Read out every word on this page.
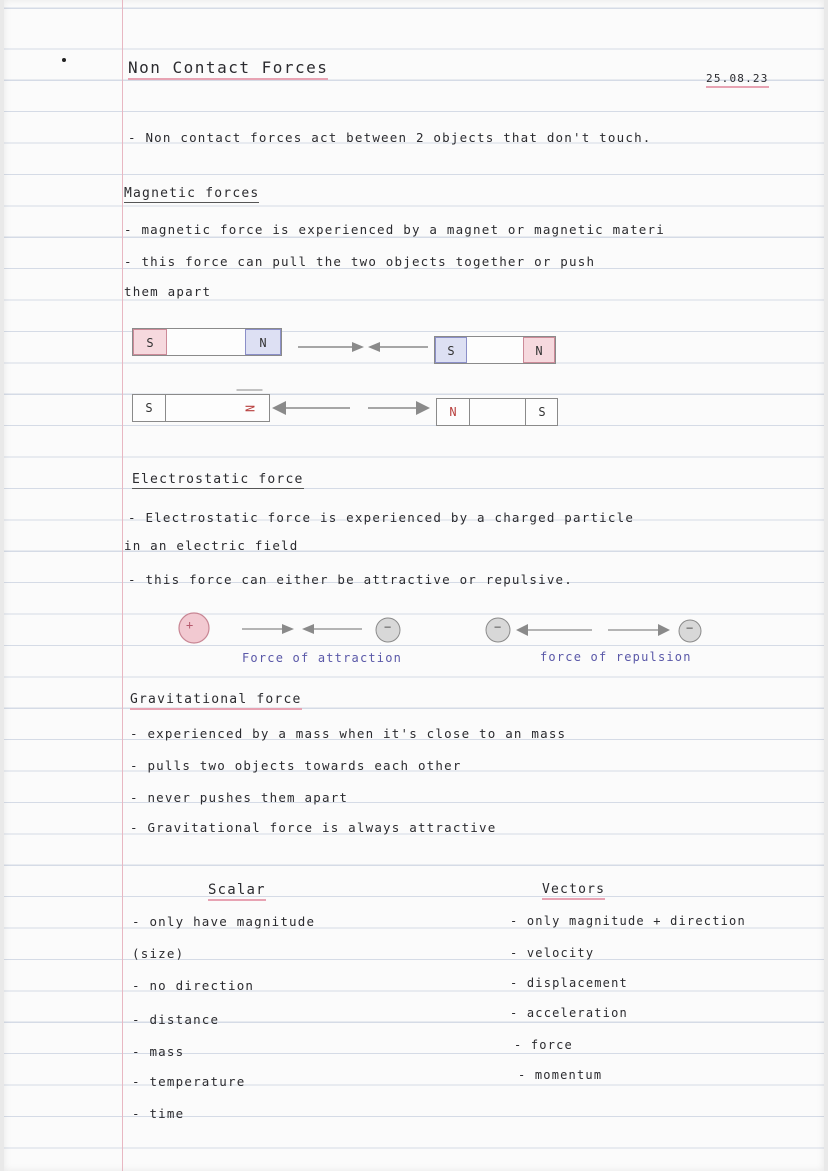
Non Contact Forces
25.08.23
- Non contact forces act between 2 objects that don't touch.
Magnetic forces
- magnetic force is experienced by a magnet or magnetic materi
- this force can pull the two objects together or push
them apart
S	N
S	N
S	N	N	S
Electrostatic force
- Electrostatic force is experienced by a charged particle
in an electric field
- this force can either be attractive or repulsive.
+	−	−	−
Force of attraction	force of repulsion
Gravitational force
- experienced by a mass when it's close to an mass
- pulls two objects towards each other
- never pushes them apart
- Gravitational force is always attractive
Scalar
- only have magnitude
(size)
- no direction
- distance
- mass
- temperature
- time
Vectors
- only magnitude + direction
- velocity
- displacement
- acceleration
- force
- momentum
